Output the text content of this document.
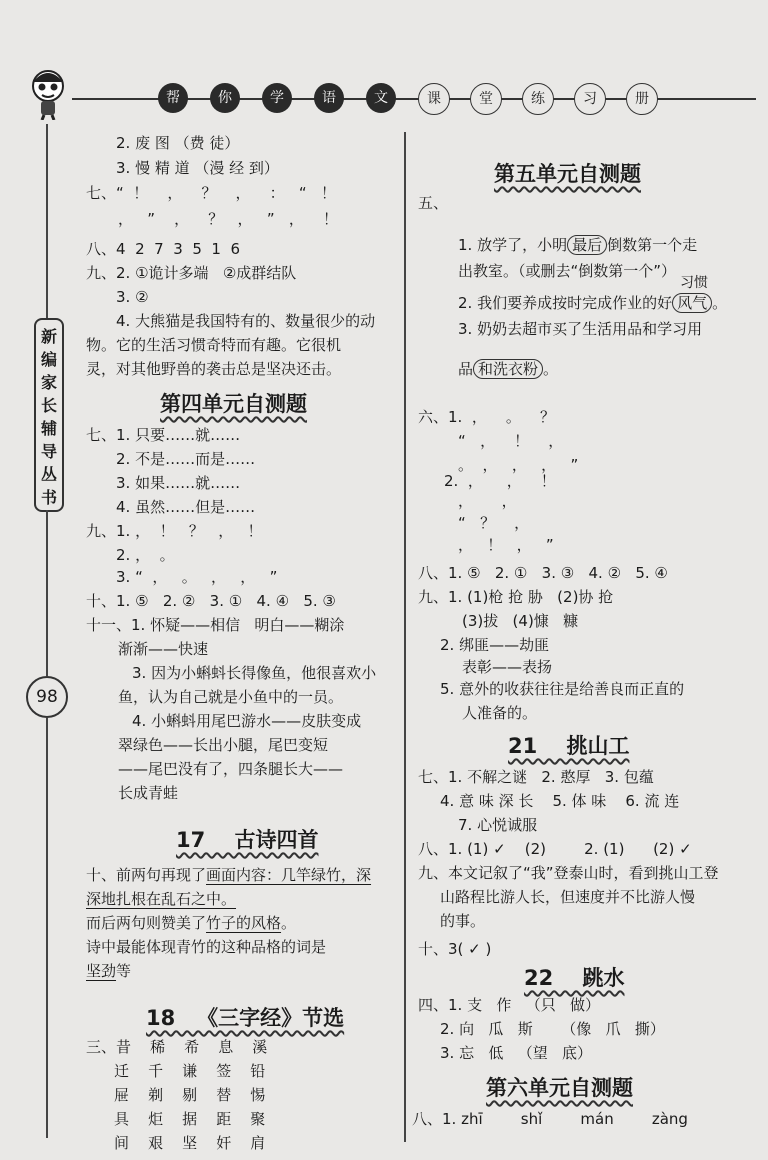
帮	你	学	语	文	课	堂	练	习	册
新
编
家
长
辅
导
丛
书
98
2. 废 图 （费 徒）
3. 慢 精 道 （漫 经 到）
七、“  ！    ，    ？    ，    ：   “   ！
，   ”    ，    ？   ，   ”   ，    ！
八、4  2  7  3  5  1  6
九、2. ①诡计多端   ②成群结队
3. ②
4. 大熊猫是我国特有的、数量很少的动
物。它的生活习惯奇特而有趣。它很机
灵，对其他野兽的袭击总是坚决还击。
第四单元自测题
七、1. 只要……就……
2. 不是……而是……
3. 如果……就……
4. 虽然……但是……
九、1. ，  ！   ？   ，   ！
2. ，  。
3. “  ，   。   ，   ，   ”
十、1. ⑤   2. ②   3. ①   4. ④   5. ③
十一、1. 怀疑——相信   明白——糊涂
渐渐——快速
3. 因为小蝌蚪长得像鱼，他很喜欢小
鱼，认为自己就是小鱼中的一员。
4. 小蝌蚪用尾巴游水——皮肤变成
翠绿色——长出小腿，尾巴变短
——尾巴没有了，四条腿长大——
长成青蛙
17    古诗四首
十、前两句再现了画面内容：几竿绿竹，深
深地扎根在乱石之中。
而后两句则赞美了竹子的风格。
诗中最能体现青竹的这种品格的词是
坚劲等
18   《三字经》节选
三、昔    稀    希    息    溪
迁    千    谦    签    铅
屉    剃    剔    替    惕
具    炬    据    距    聚
间    艰    坚    奸    肩
第五单元自测题
五、
1. 放学了，小明 最后 倒数第一个走
出教室。（或删去“倒数第一个”）
习惯
2. 我们要养成按时完成作业的好 风气 。
3. 奶奶去超市买了生活用品和学习用
品 和洗衣粉 。
六、1.  ，    。    ？
“   ，    ！    ，
。  ，   ，   ，   ”
2.  ，     ，    ！
，      ，
“   ？    ，
，   ！   ，   ”
八、1. ⑤   2. ①   3. ③   4. ②   5. ④
九、1. (1)枪 抢 胁   (2)协 抢
(3)拔   (4)慷   糠
2. 绑匪——劫匪
表彰——表扬
5. 意外的收获往往是给善良而正直的
人准备的。
21    挑山工
七、1. 不解之谜   2. 憨厚   3. 包蕴
4. 意 味 深 长    5. 体 味    6. 流 连
7. 心悦诚服
八、1. (1) ✓    (2)        2. (1)      (2) ✓
九、本文记叙了“我”登泰山时，看到挑山工登
山路程比游人长，但速度并不比游人慢
的事。
十、3( ✓ )
22    跳水
四、1. 支   作   （只   做）
2. 向   瓜   斯      （像   爪   撕）
3. 忘   低   （望   底）
第六单元自测题
八、1. zhī        shǐ        mán        zàng
